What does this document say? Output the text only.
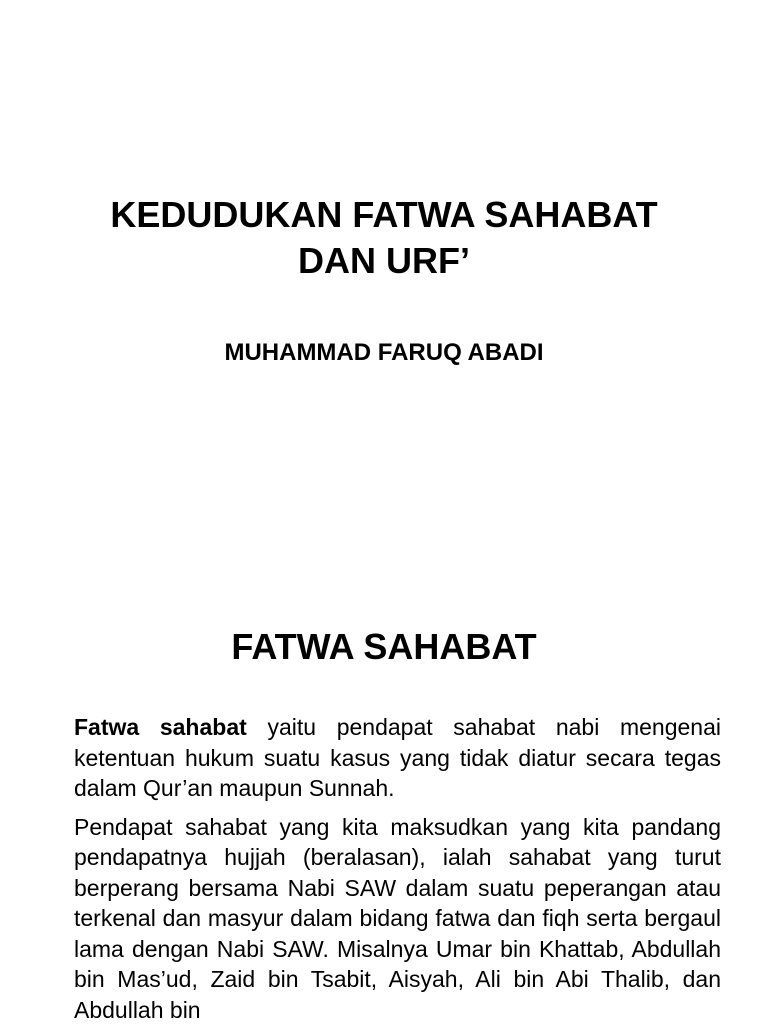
KEDUDUKAN FATWA SAHABAT
DAN URF’
MUHAMMAD FARUQ ABADI
FATWA SAHABAT

Fatwa sahabat yaitu pendapat sahabat nabi mengenai ketentuan hukum suatu kasus yang tidak diatur secara tegas dalam Qur’an maupun Sunnah.

Pendapat sahabat yang kita maksudkan yang kita pandang pendapatnya hujjah (beralasan), ialah sahabat yang turut berperang bersama Nabi SAW dalam suatu peperangan atau terkenal dan masyur dalam bidang fatwa dan fiqh serta bergaul lama dengan Nabi SAW. Misalnya Umar bin Khattab, Abdullah bin Mas’ud, Zaid bin Tsabit, Aisyah, Ali bin Abi Thalib, dan Abdullah bin
